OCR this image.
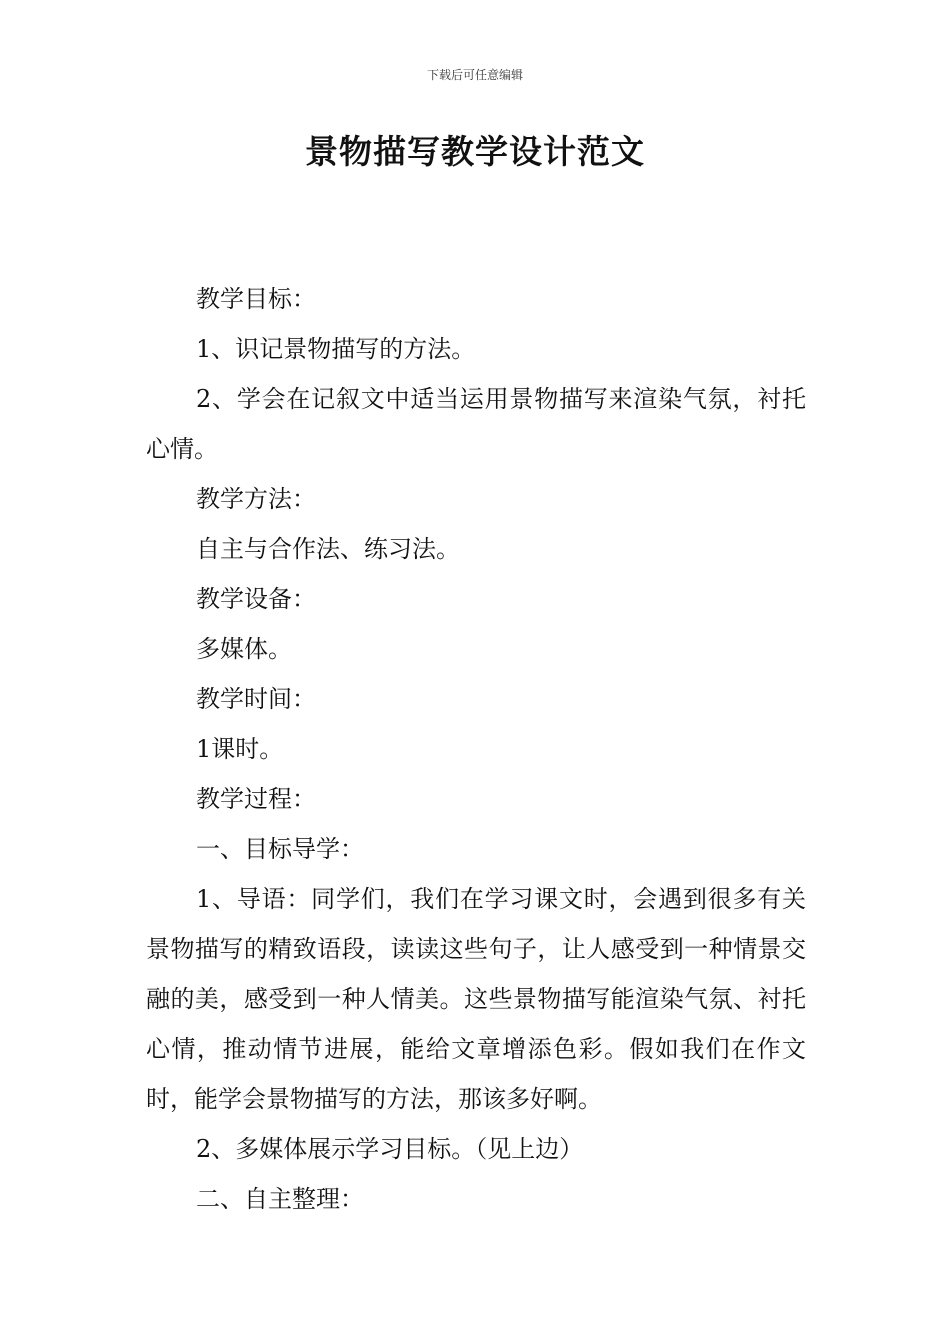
下载后可任意编辑
景物描写教学设计范文

教学目标：

1、识记景物描写的方法。

2、学会在记叙文中适当运用景物描写来渲染气氛，衬托心情。

教学方法：

自主与合作法、练习法。

教学设备：

多媒体。

教学时间：

1课时。

教学过程：

一、目标导学：

1、导语：同学们，我们在学习课文时，会遇到很多有关景物描写的精致语段，读读这些句子，让人感受到一种情景交融的美，感受到一种人情美。这些景物描写能渲染气氛、衬托心情，推动情节进展，能给文章增添色彩。假如我们在作文时，能学会景物描写的方法，那该多好啊。

2、多媒体展示学习目标。（见上边）

二、自主整理：
